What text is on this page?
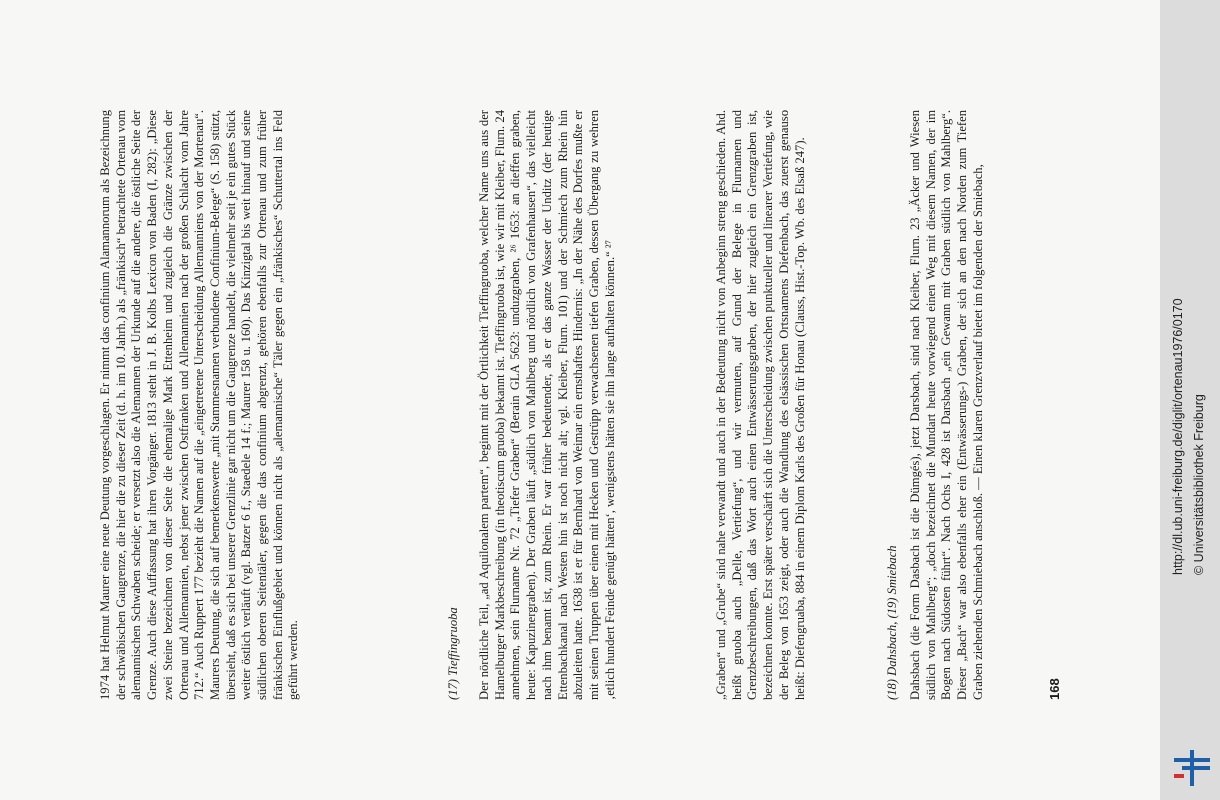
1974 hat Helmut Maurer eine neue Deutung vorgeschlagen. Er nimmt das confinium Alamannorum als Bezeichnung der schwäbischen Gaugrenze, die hier die zu dieser Zeit (d. h. im 10. Jahrh.) als „fränkisch“ betrachtete Ortenau vom alemannischen Schwaben scheide; er versetzt also die Alemannen der Urkunde auf die andere, die östliche Seite der Grenze. Auch diese Auffassung hat ihren Vorgänger. 1813 steht in J. B. Kolbs Lexicon von Baden (I, 282): „Diese zwei Steine bezeichnen von dieser Seite die ehemalige Mark Ettenheim und zugleich die Gränze zwischen der Ortenau und Allemannien, nebst jener zwischen Ostfranken und Allemannien nach der großen Schlacht vom Jahre 712.“ Auch Ruppert 177 bezieht die Namen auf die „eingetretene Unterscheidung Allemanniens von der Mortenau“. Maurers Deutung, die sich auf bemerkenswerte „mit Stammesnamen verbundene Confinium-Belege“ (S. 158) stützt, übersieht, daß es sich bei unserer Grenzlinie gar nicht um die Gaugrenze handelt, die vielmehr seit je ein gutes Stück weiter östlich verläuft (vgl. Batzer 6 f., Staedele 14 f.; Maurer 158 u. 160). Das Kinzigtal bis weit hinauf und seine südlichen oberen Seitentäler, gegen die das confinium abgrenzt, gehören ebenfalls zur Ortenau und zum früher fränkischen Einflußgebiet und können nicht als „alemannische“ Täler gegen ein „fränkisches“ Schuttertal ins Feld geführt werden.	(17) Tieffingruoba Der nördliche Teil, „ad Aquilonalem partem“, beginnt mit der Örtlichkeit Tieffingruoba, welcher Name uns aus der Hamelburger Markbeschreibung (in theotiscum gruoba) bekannt ist. Tieffingruoba ist, wie wir mit Kleiber, Flurn. 24 annehmen, sein Flurname Nr. 72 „Tiefer Graben“ (Berain GLA 5623: unduzgraben, ²⁶ 1653: an dieffen graben, heute: Kapuzinergraben). Der Graben läuft „südlich von Mahlberg und nördlich von Grafenhausen“, das vielleicht nach ihm benamt ist, zum Rhein. Er war früher bedeutender, als er das ganze Wasser der Unditz (der heutige Ettenbachkanal nach Westen hin ist noch nicht alt; vgl. Kleiber, Flurn. 101) und der Schmiech zum Rhein hin abzuleiten hatte. 1638 ist er für Bernhard von Weimar ein ernsthaftes Hindernis: „In der Nähe des Dorfes mußte er mit seinen Truppen über einen mit Hecken und Gestrüpp verwachsenen tiefen Graben, dessen Übergang zu wehren ‚etlich hundert Feinde genügt hätten‘, wenigstens hätten sie ihn lange aufhalten können.“ ²⁷	„Graben“ und „Grube“ sind nahe verwandt und auch in der Bedeutung nicht von Anbeginn streng geschieden. Ahd. heißt gruoba auch „Delle, Vertiefung“, und wir vermuten, auf Grund der Belege in Flurnamen und Grenzbeschreibungen, daß das Wort auch einen Entwässerungsgraben, der hier zugleich ein Grenzgraben ist, bezeichnen konnte. Erst später verschärft sich die Unterscheidung zwischen punktueller und linearer Vertiefung, wie der Beleg von 1653 zeigt, oder auch die Wandlung des elsässischen Ortsnamens Diefenbach, das zuerst genauso heißt: Diefengruaba, 884 in einem Diplom Karls des Großen für Honau (Clauss, Hist.-Top. Wb. des Elsaß 247).	(18) Dahsbach, (19) Smiebach Dahsbach (die Form Dasbach ist die Dümgés), jetzt Darsbach, sind nach Kleiber, Flurn. 23 „Äcker und Wiesen südlich von Mahlberg“; „doch bezeichnet die Mundart heute vorwiegend einen Weg mit diesem Namen, der im Bogen nach Südosten führt“. Nach Ochs I, 428 ist Darsbach „ein Gewann mit Graben südlich von Mahlberg“. Dieser „Bach“ war also ebenfalls eher ein (Entwässerungs-) Graben, der sich an den nach Norden zum Tiefen Graben ziehenden Schmiebach anschloß. — Einen klaren Grenzverlauf bietet im folgenden der Smiebach,	168
http://dl.ub.uni-freiburg.de/diglit/ortenau1976/0170 © Universitätsbibliothek Freiburg
